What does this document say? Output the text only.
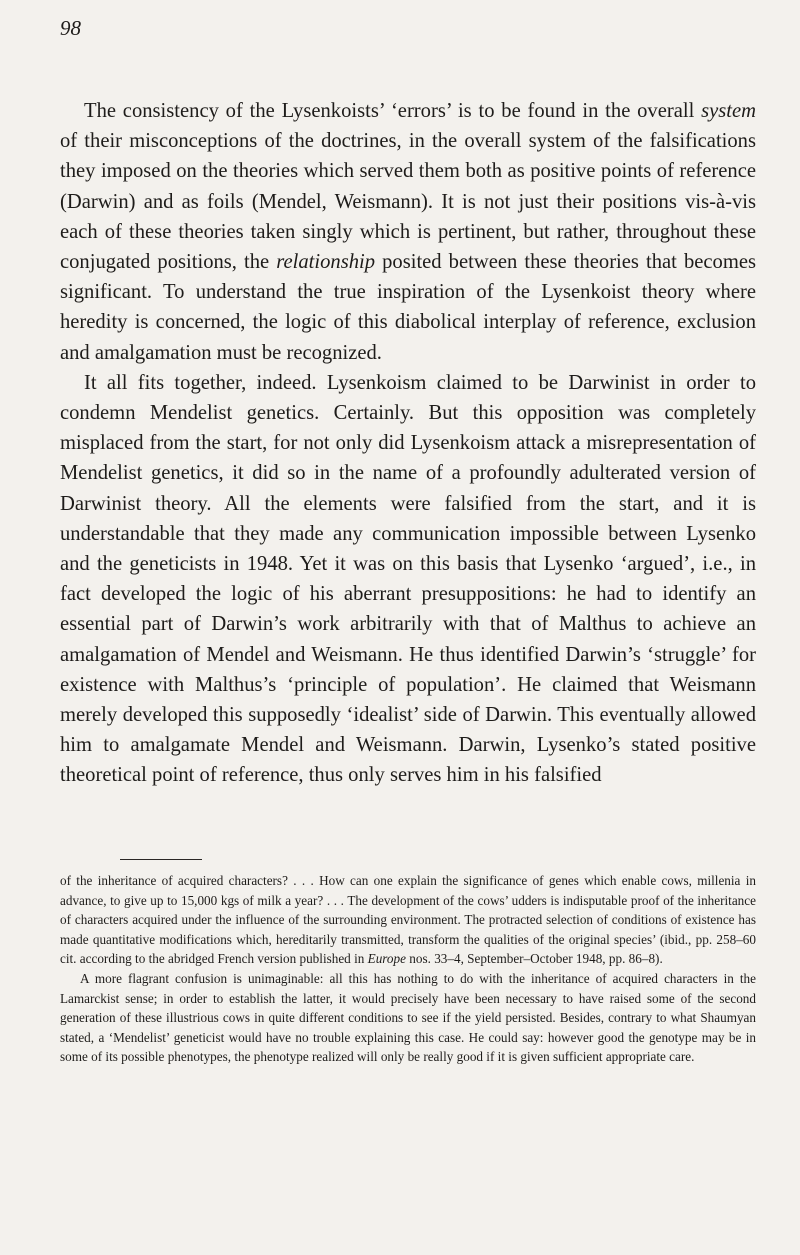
98

The consistency of the Lysenkoists’ ‘errors’ is to be found in the overall system of their misconceptions of the doctrines, in the overall system of the falsifications they imposed on the theories which served them both as positive points of reference (Darwin) and as foils (Mendel, Weismann). It is not just their positions vis-à-vis each of these theories taken singly which is pertinent, but rather, throughout these conjugated positions, the relationship posited between these theories that becomes significant. To understand the true inspiration of the Lysenkoist theory where heredity is concerned, the logic of this diabolical interplay of reference, exclusion and amalgamation must be recognized.

It all fits together, indeed. Lysenkoism claimed to be Darwinist in order to condemn Mendelist genetics. Certainly. But this opposition was completely misplaced from the start, for not only did Lysenkoism attack a misrepresentation of Mendelist genetics, it did so in the name of a profoundly adulterated version of Darwinist theory. All the elements were falsified from the start, and it is understandable that they made any communication impossible between Lysenko and the geneticists in 1948. Yet it was on this basis that Lysenko ‘argued’, i.e., in fact developed the logic of his aberrant presuppositions: he had to identify an essential part of Darwin’s work arbitrarily with that of Malthus to achieve an amalgamation of Mendel and Weismann. He thus identified Darwin’s ‘struggle’ for existence with Malthus’s ‘principle of population’. He claimed that Weismann merely developed this supposedly ‘idealist’ side of Darwin. This eventually allowed him to amalgamate Mendel and Weismann. Darwin, Lysenko’s stated positive theoretical point of reference, thus only serves him in his falsified

of the inheritance of acquired characters? . . . How can one explain the significance of genes which enable cows, millenia in advance, to give up to 15,000 kgs of milk a year? . . . The development of the cows’ udders is indisputable proof of the inheritance of characters acquired under the influence of the surrounding environment. The protracted selection of conditions of existence has made quantitative modifications which, hereditarily transmitted, transform the qualities of the original species’ (ibid., pp. 258–60 cit. according to the abridged French version published in Europe nos. 33–4, September–October 1948, pp. 86–8).

A more flagrant confusion is unimaginable: all this has nothing to do with the inheritance of acquired characters in the Lamarckist sense; in order to establish the latter, it would precisely have been necessary to have raised some of the second generation of these illustrious cows in quite different conditions to see if the yield persisted. Besides, contrary to what Shaumyan stated, a ‘Mendelist’ geneticist would have no trouble explaining this case. He could say: however good the genotype may be in some of its possible phenotypes, the phenotype realized will only be really good if it is given sufficient appropriate care.
